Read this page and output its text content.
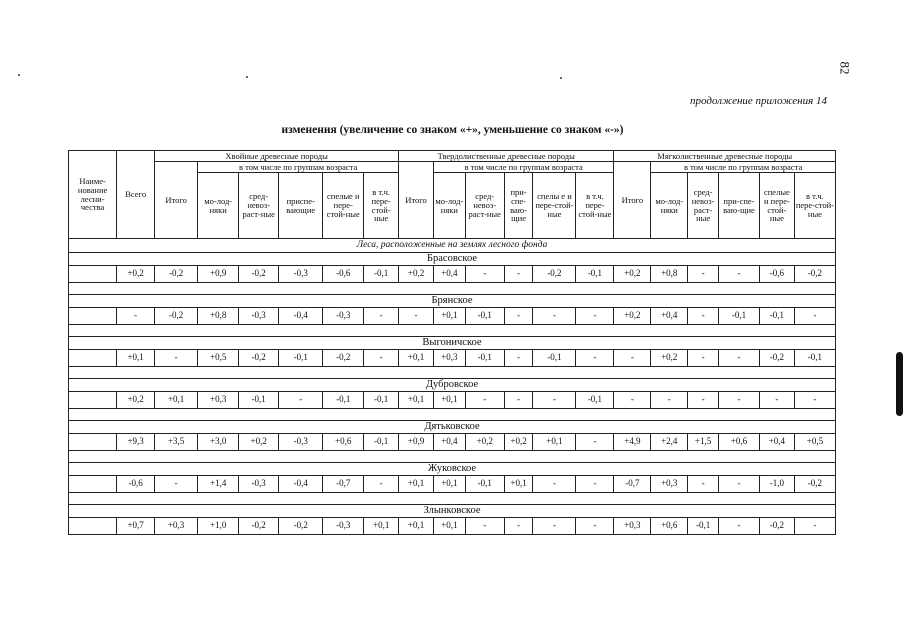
82
продолжение приложения 14
изменения (увеличение со знаком «+», уменьшение со знаком «-»)
Наиме-нование лесни-чества	Всего	Хвойные древесные породы						Твердолиственные древесные породы						Мягколиственные древесные породы					
		Итого	в том числе по группам возраста					Итого	в том числе по группам возраста					Итого	в том числе по группам возраста				
			мо-лод-няки	сред-невоз-раст-ные	приспе-вающие	спелые и пере-стой-ные	в т.ч. пере-стой-ные		мо-лод-няки	сред-невоз-раст-ные	при-спе-ваю-щие	спелы е и пере-стой-ные	в т.ч. пере-стой-ные		мо-лод-няки	сред-невоз-раст-ные	при-спе-ваю-щие	спелые и пере-стой-ные	в т.ч. пере-стой-ные
Леса, расположенные на землях лесного фонда																			
Брасовское																			
	+0,2	-0,2	+0,9	-0,2	-0,3	-0,6	-0,1	+0,2	+0,4	-	-	-0,2	-0,1	+0,2	+0,8	-	-	-0,6	-0,2

Брянское																			
	-	-0,2	+0,8	-0,3	-0,4	-0,3	-	-	+0,1	-0,1	-	-	-	+0,2	+0,4	-	-0,1	-0,1	-

Выгоничское																			
	+0,1	-	+0,5	-0,2	-0,1	-0,2	-	+0,1	+0,3	-0,1	-	-0,1	-	-	+0,2	-	-	-0,2	-0,1

Дубровское																			
	+0,2	+0,1	+0,3	-0,1	-	-0,1	-0,1	+0,1	+0,1	-	-	-	-0,1	-	-	-	-	-	-

Дятьковское																			
	+9,3	+3,5	+3,0	+0,2	-0,3	+0,6	-0,1	+0,9	+0,4	+0,2	+0,2	+0,1	-	+4,9	+2,4	+1,5	+0,6	+0,4	+0,5

Жуковское																			
	-0,6	-	+1,4	-0,3	-0,4	-0,7	-	+0,1	+0,1	-0,1	+0,1	-	-	-0,7	+0,3	-	-	-1,0	-0,2

Злынковское																			
	+0,7	+0,3	+1,0	-0,2	-0,2	-0,3	+0,1	+0,1	+0,1	-	-	-	-	+0,3	+0,6	-0,1	-	-0,2	-
